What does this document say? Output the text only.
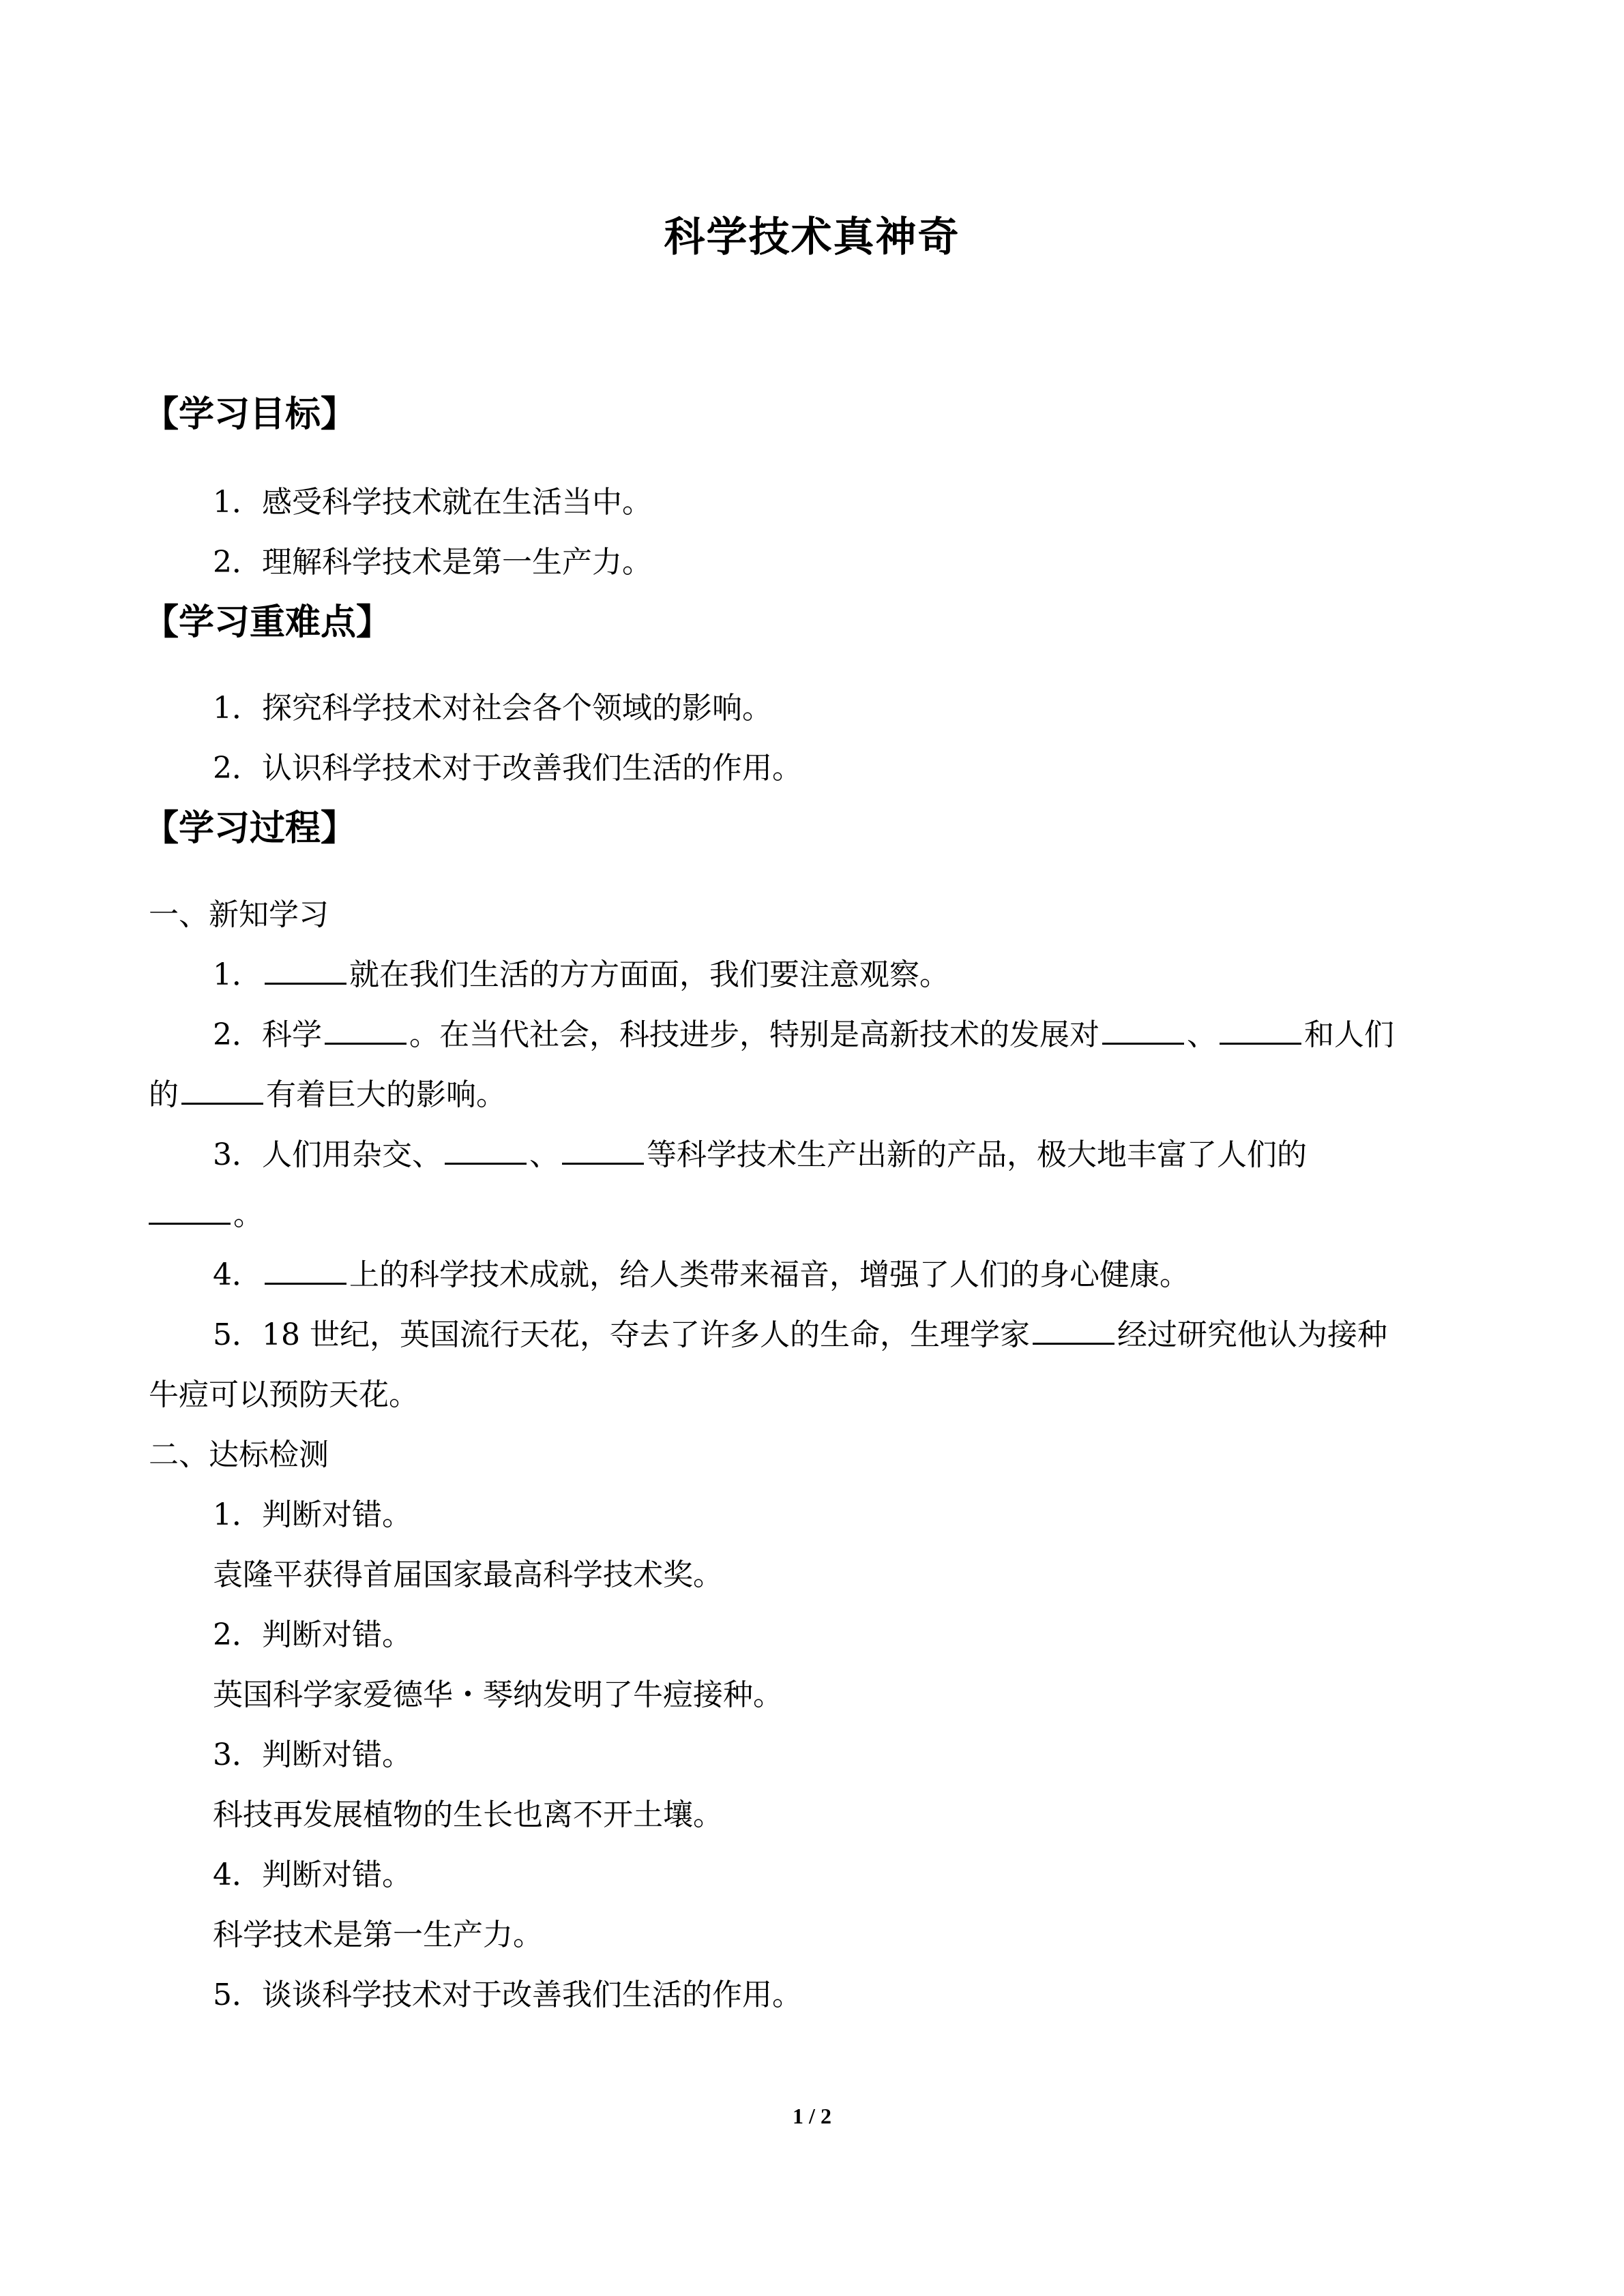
科学技术真神奇
【学习目标】
1．感受科学技术就在生活当中。
2．理解科学技术是第一生产力。
【学习重难点】
1．探究科学技术对社会各个领域的影响。
2．认识科学技术对于改善我们生活的作用。
【学习过程】
一、新知学习
1．	就在我们生活的方方面面，我们要注意观察。
2．科学	。在当代社会，科技进步，特别是高新技术的发展对	、	和人们
的	有着巨大的影响。
3．人们用杂交、	、	等科学技术生产出新的产品，极大地丰富了人们的
。
4．	上的科学技术成就，给人类带来福音，增强了人们的身心健康。
5．18 世纪，英国流行天花，夺去了许多人的生命，生理学家	经过研究他认为接种
牛痘可以预防天花。
二、达标检测
1．判断对错。
袁隆平获得首届国家最高科学技术奖。
2．判断对错。
英国科学家爱德华・琴纳发明了牛痘接种。
3．判断对错。
科技再发展植物的生长也离不开土壤。
4．判断对错。
科学技术是第一生产力。
5．谈谈科学技术对于改善我们生活的作用。
1 / 2
